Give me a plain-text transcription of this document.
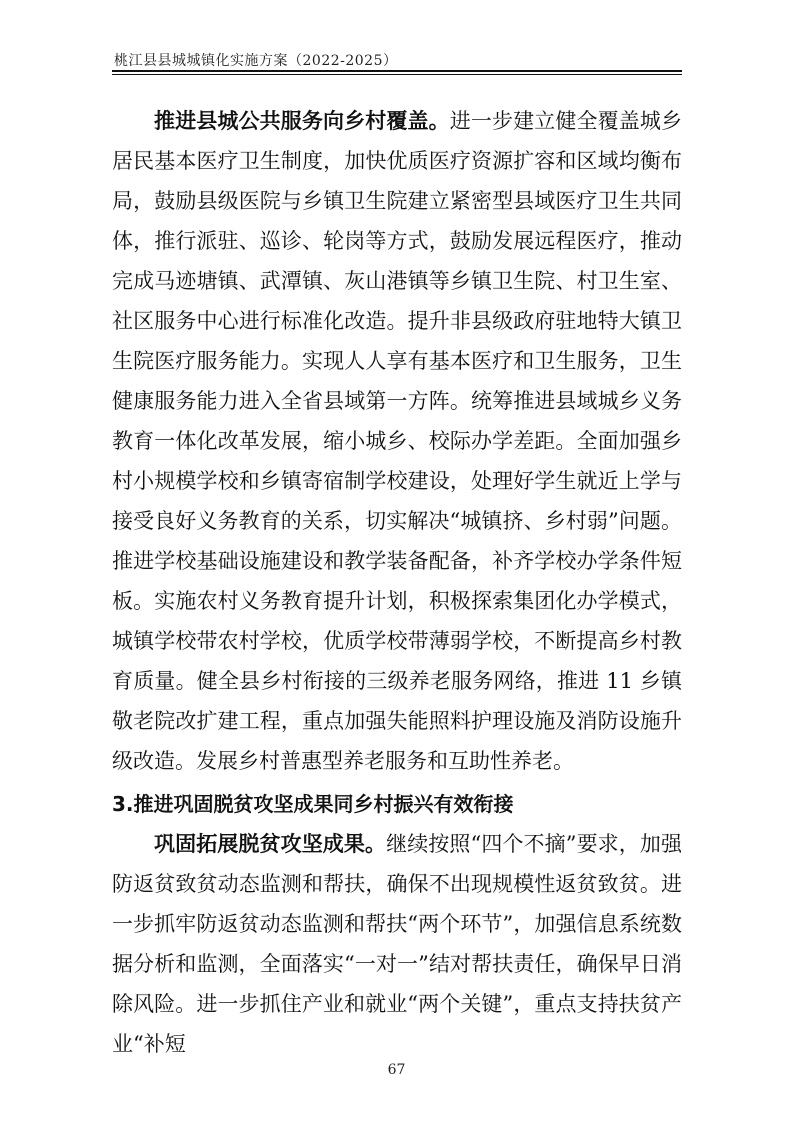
桃江县县城城镇化实施方案（2022-2025）

推进县城公共服务向乡村覆盖。进一步建立健全覆盖城乡居民基本医疗卫生制度，加快优质医疗资源扩容和区域均衡布局，鼓励县级医院与乡镇卫生院建立紧密型县域医疗卫生共同体，推行派驻、巡诊、轮岗等方式，鼓励发展远程医疗，推动完成马迹塘镇、武潭镇、灰山港镇等乡镇卫生院、村卫生室、社区服务中心进行标准化改造。提升非县级政府驻地特大镇卫生院医疗服务能力。实现人人享有基本医疗和卫生服务，卫生健康服务能力进入全省县域第一方阵。统筹推进县域城乡义务教育一体化改革发展，缩小城乡、校际办学差距。全面加强乡村小规模学校和乡镇寄宿制学校建设，处理好学生就近上学与接受良好义务教育的关系，切实解决“城镇挤、乡村弱”问题。推进学校基础设施建设和教学装备配备，补齐学校办学条件短板。实施农村义务教育提升计划，积极探索集团化办学模式，城镇学校带农村学校，优质学校带薄弱学校，不断提高乡村教育质量。健全县乡村衔接的三级养老服务网络，推进 11 乡镇敬老院改扩建工程，重点加强失能照料护理设施及消防设施升级改造。发展乡村普惠型养老服务和互助性养老。

3.推进巩固脱贫攻坚成果同乡村振兴有效衔接

巩固拓展脱贫攻坚成果。继续按照“四个不摘”要求，加强防返贫致贫动态监测和帮扶，确保不出现规模性返贫致贫。进一步抓牢防返贫动态监测和帮扶“两个环节”，加强信息系统数据分析和监测，全面落实“一对一”结对帮扶责任，确保早日消除风险。进一步抓住产业和就业“两个关键”，重点支持扶贫产业“补短

67
